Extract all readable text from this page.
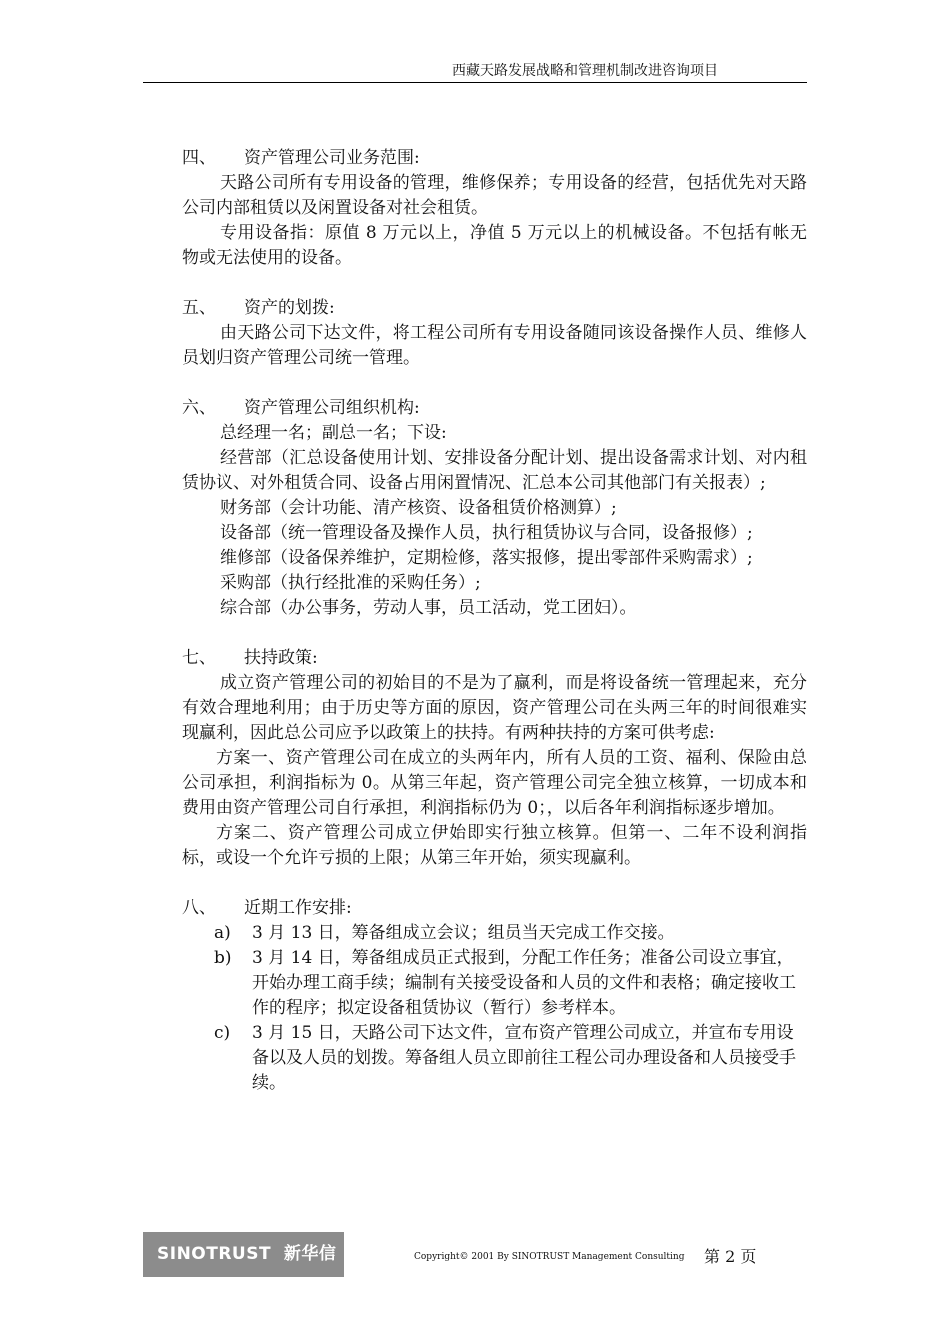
西藏天路发展战略和管理机制改进咨询项目
四、 资产管理公司业务范围:

天路公司所有专用设备的管理，维修保养；专用设备的经营，包括优先对天路公司内部租赁以及闲置设备对社会租赁。

专用设备指：原值 8 万元以上，净值 5 万元以上的机械设备。不包括有帐无物或无法使用的设备。

五、 资产的划拨:

由天路公司下达文件，将工程公司所有专用设备随同该设备操作人员、维修人员划归资产管理公司统一管理。

六、 资产管理公司组织机构:

总经理一名；副总一名；下设:

经营部（汇总设备使用计划、安排设备分配计划、提出设备需求计划、对内租赁协议、对外租赁合同、设备占用闲置情况、汇总本公司其他部门有关报表）;

财务部（会计功能、清产核资、设备租赁价格测算）;

设备部（统一管理设备及操作人员，执行租赁协议与合同，设备报修）;

维修部（设备保养维护，定期检修，落实报修，提出零部件采购需求）;

采购部（执行经批准的采购任务）;

综合部（办公事务，劳动人事，员工活动，党工团妇）。

七、 扶持政策:

成立资产管理公司的初始目的不是为了赢利，而是将设备统一管理起来，充分有效合理地利用；由于历史等方面的原因，资产管理公司在头两三年的时间很难实现赢利，因此总公司应予以政策上的扶持。有两种扶持的方案可供考虑:

方案一、资产管理公司在成立的头两年内，所有人员的工资、福利、保险由总公司承担，利润指标为 0。从第三年起，资产管理公司完全独立核算，一切成本和费用由资产管理公司自行承担，利润指标仍为 0；，以后各年利润指标逐步增加。

方案二、资产管理公司成立伊始即实行独立核算。但第一、二年不设利润指标，或设一个允许亏损的上限；从第三年开始，须实现赢利。

八、 近期工作安排:
a) 3 月 13 日，筹备组成立会议；组员当天完成工作交接。
b) 3 月 14 日，筹备组成员正式报到，分配工作任务；准备公司设立事宜，开始办理工商手续；编制有关接受设备和人员的文件和表格；确定接收工作的程序；拟定设备租赁协议（暂行）参考样本。
c) 3 月 15 日，天路公司下达文件，宣布资产管理公司成立，并宣布专用设备以及人员的划拨。筹备组人员立即前往工程公司办理设备和人员接受手续。
SINOTRUST  新华信	Copyright© 2001 By SINOTRUST Management Consulting 第 2 页
